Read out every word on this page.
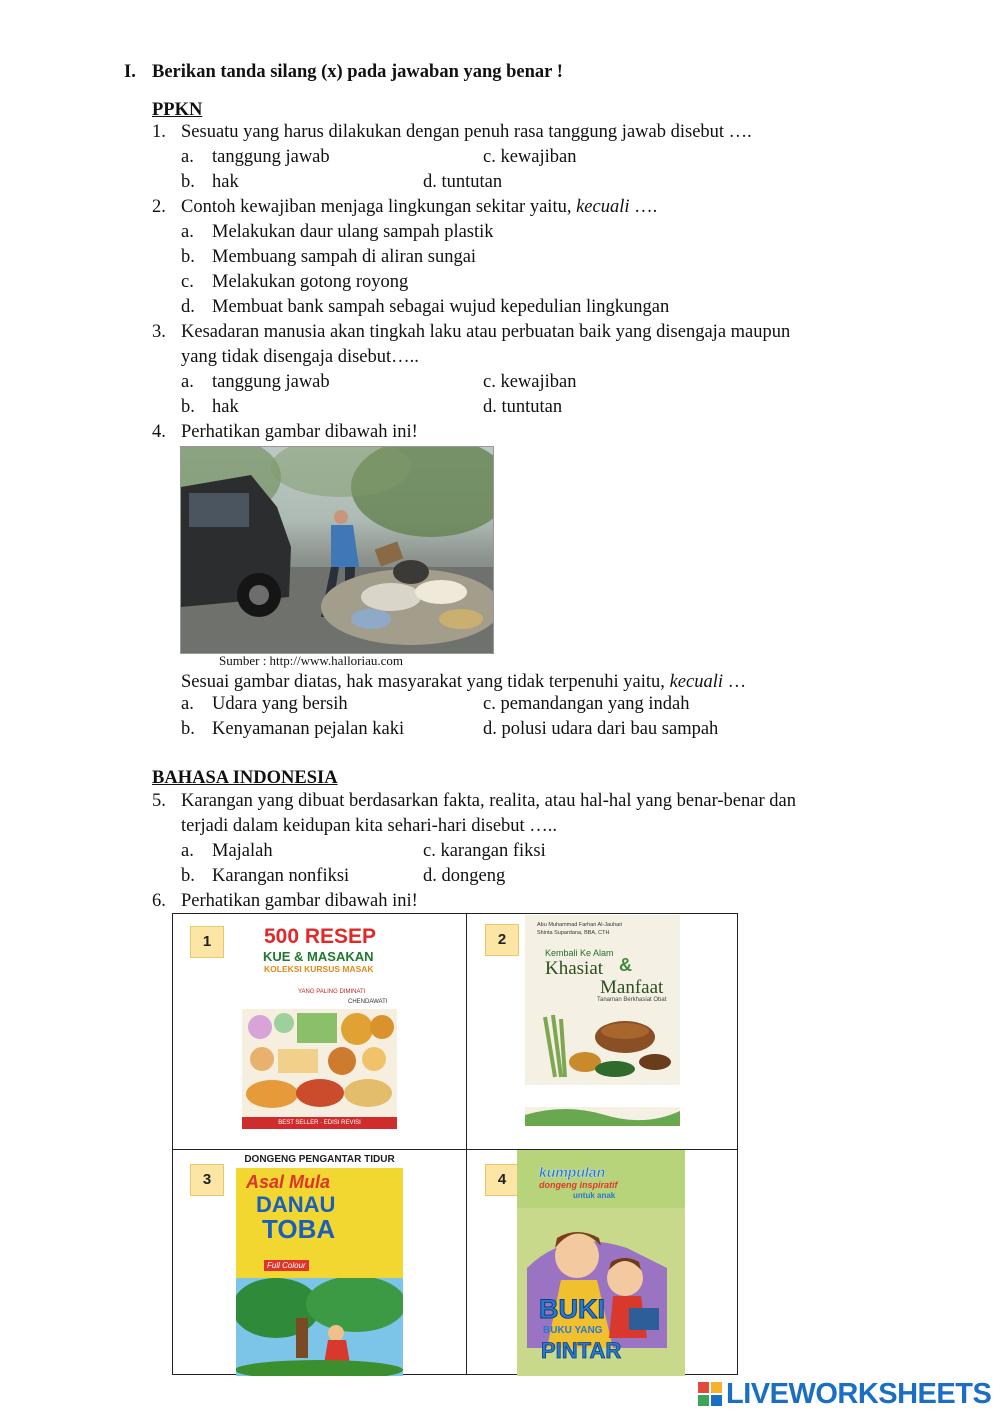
I. Berikan tanda silang (x) pada jawaban yang benar !
PPKN
1. Sesuatu yang harus dilakukan dengan penuh rasa tanggung jawab disebut ….
a. tanggung jawab	c. kewajiban
b. hak	d. tuntutan
2. Contoh kewajiban menjaga lingkungan sekitar yaitu, kecuali ….
a. Melakukan daur ulang sampah plastik
b. Membuang sampah di aliran sungai
c. Melakukan gotong royong
d. Membuat bank sampah sebagai wujud kepedulian lingkungan
3. Kesadaran manusia akan tingkah laku atau perbuatan baik yang disengaja maupun
yang tidak disengaja disebut…..
a. tanggung jawab	c. kewajiban
b. hak	d. tuntutan
4. Perhatikan gambar dibawah ini!
Sumber : http://www.halloriau.com
Sesuai gambar diatas, hak masyarakat yang tidak terpenuhi yaitu, kecuali …
a. Udara yang bersih	c. pemandangan yang indah
b. Kenyamanan pejalan kaki	d. polusi udara dari bau sampah
BAHASA INDONESIA
5. Karangan yang dibuat berdasarkan fakta, realita, atau hal-hal yang benar-benar dan
terjadi dalam keidupan kita sehari-hari disebut …..
a. Majalah	c. karangan fiksi
b. Karangan nonfiksi	d. dongeng
6. Perhatikan gambar dibawah ini!
1	500 RESEP
KUE & MASAKAN
KOLEKSI KURSUS MASAK
YANG PALING DIMINATI
CHENDAWATI
BEST SELLER · EDISI REVISI
2
Abu Muhammad Farhan Al-Jauhari
Shinta Supardana, BBA, CTH
Kembali Ke Alam
Khasiat &
Manfaat
Tanaman Berkhasiat Obat
3
DONGENG PENGANTAR TIDUR
Asal Mula
DANAU
TOBA
Full Colour
4	kumpulan
dongeng inspiratif
untuk anak
BUKI
BUKU YANG
PINTAR
LIVEWORKSHEETS
